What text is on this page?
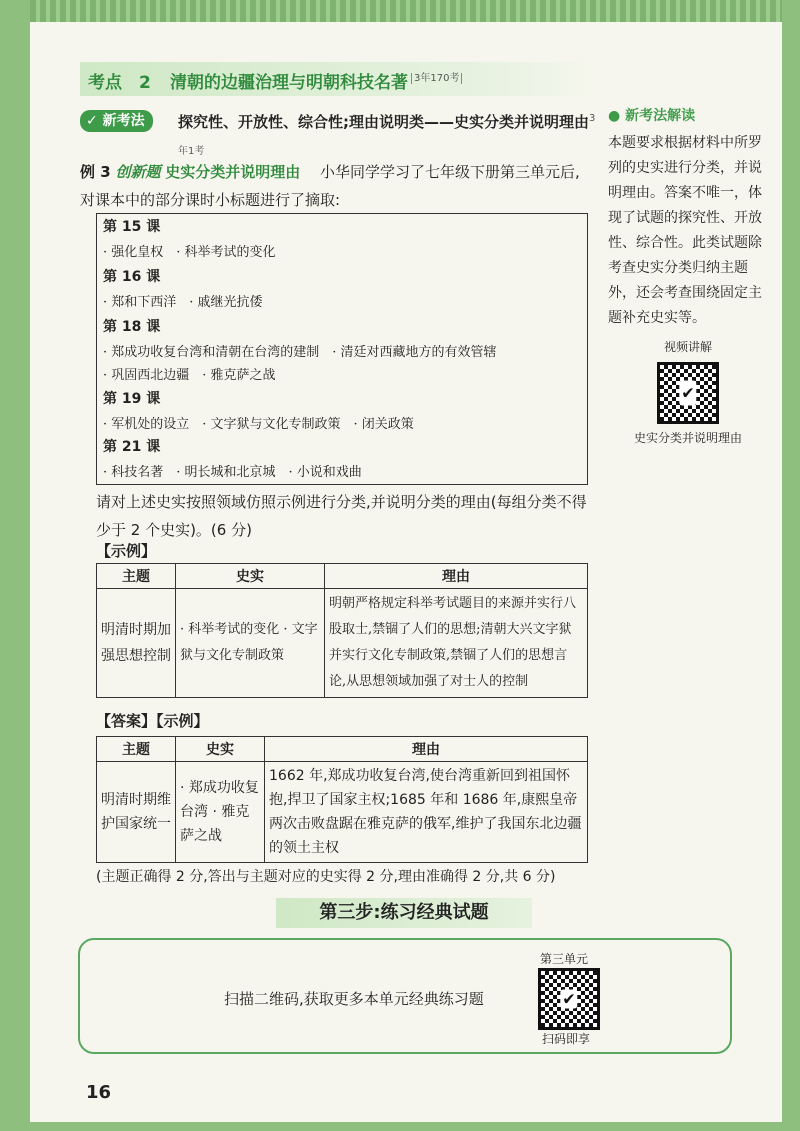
考点　 2 清朝的边疆治理与明朝科技名著 $^{3年170考}$
✓ 新考法	探究性、开放性、综合性;理由说明类——史实分类并说明理由$^{3年1考}$
● 新考法解读
本题要求根据材料中所罗列的史实进行分类，并说明理由。答案不唯一，体现了试题的探究性、开放性、综合性。此类试题除考查史实分类归纳主题外，还会考查围绕固定主题补充史实等。
视频讲解
✔
史实分类并说明理由
例 3 创新题 史实分类并说明理由 　 小华同学学习了七年级下册第三单元后,对课本中的部分课时小标题进行了摘取:
第 15 课
· 强化皇权　· 科举考试的变化
第 16 课
· 郑和下西洋　· 戚继光抗倭
第 18 课
· 郑成功收复台湾和清朝在台湾的建制　· 清廷对西藏地方的有效管辖
· 巩固西北边疆　· 雅克萨之战
第 19 课
· 军机处的设立　· 文字狱与文化专制政策　· 闭关政策
第 21 课
· 科技名著　· 明长城和北京城　· 小说和戏曲
请对上述史实按照领域仿照示例进行分类,并说明分类的理由(每组分类不得少于 2 个史实)。(6 分)
【示例】
主题	史实	理由
明清时期加强思想控制	· 科举考试的变化 · 文字狱与文化专制政策	明朝严格规定科举考试题目的来源并实行八股取士,禁锢了人们的思想;清朝大兴文字狱并实行文化专制政策,禁锢了人们的思想言论,从思想领域加强了对士人的控制
【答案】【示例】
主题	史实	理由
明清时期维护国家统一	· 郑成功收复台湾 · 雅克萨之战	1662 年,郑成功收复台湾,使台湾重新回到祖国怀抱,捍卫了国家主权;1685 年和 1686 年,康熙皇帝两次击败盘踞在雅克萨的俄军,维护了我国东北边疆的领土主权
(主题正确得 2 分,答出与主题对应的史实得 2 分,理由准确得 2 分,共 6 分)
第三步:练习经典试题
扫描二维码,获取更多本单元经典练习题
第三单元
✔
扫码即享
16
